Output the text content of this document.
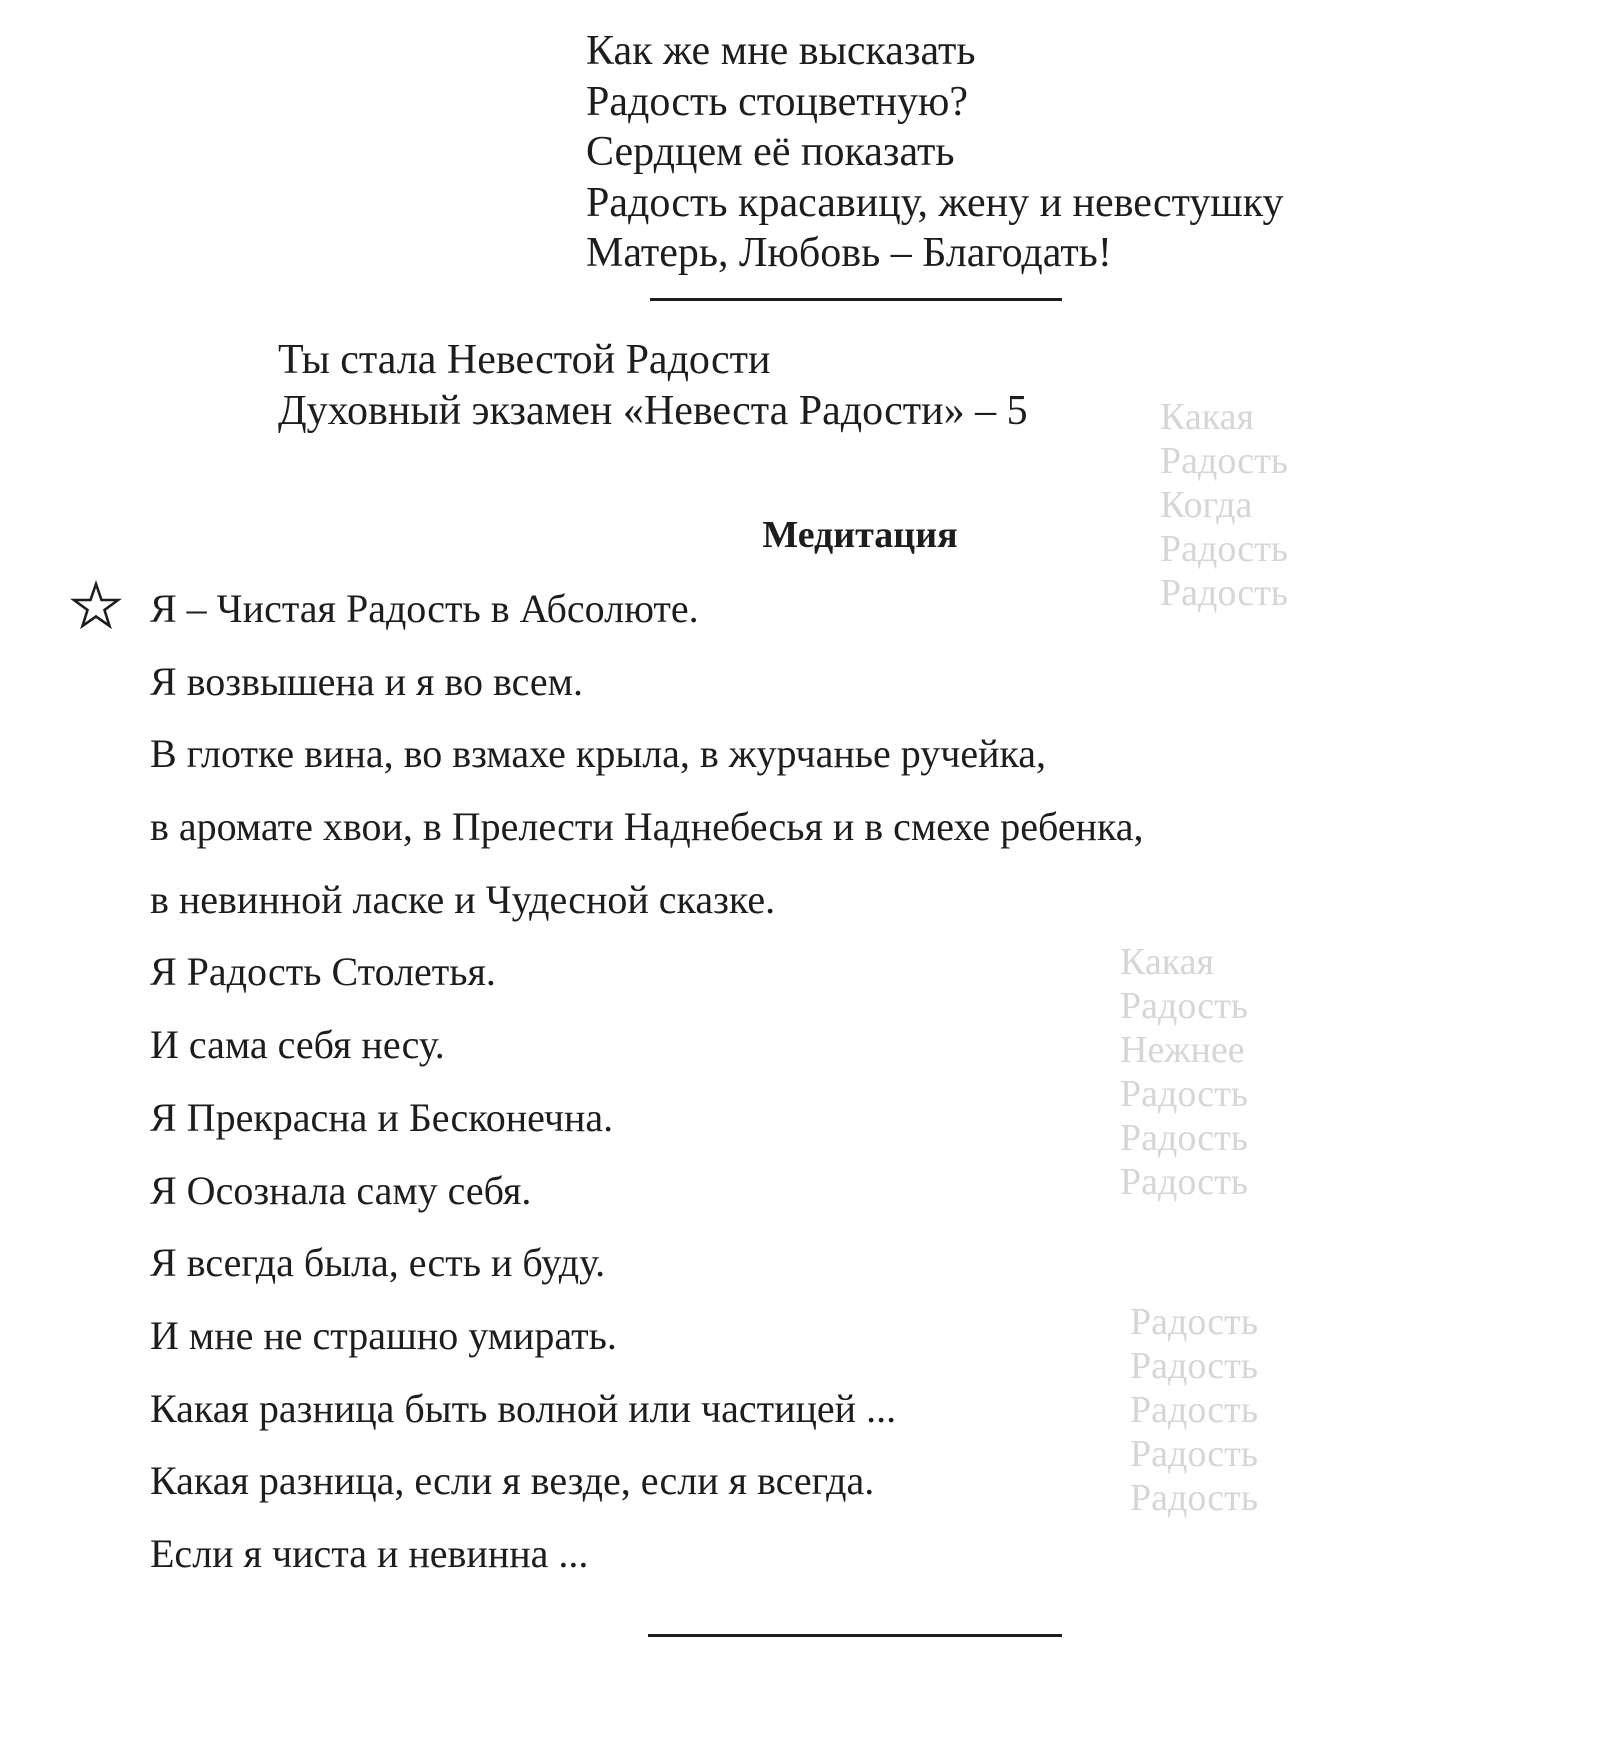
Какая
Радость
Когда
Радость
Радость
Какая
Радость
Нежнее
Радость
Радость
Радость
Радость
Радость
Радость
Радость
Радость
Как же мне высказать
Радость стоцветную?
Сердцем её показать
Радость красавицу, жену и невестушку
Матерь, Любовь – Благодать!
Ты стала Невестой Радости
Духовный экзамен «Невеста Радости» – 5
Медитация
Я – Чистая Радость в Абсолюте.
Я возвышена и я во всем.
В глотке вина, во взмахе крыла, в журчанье ручейка,
в аромате хвои, в Прелести Наднебесья и в смехе ребенка,
в невинной ласке и Чудесной сказке.
Я Радость Столетья.
И сама себя несу.
Я Прекрасна и Бесконечна.
Я Осознала саму себя.
Я всегда была, есть и буду.
И мне не страшно умирать.
Какая разница быть волной или частицей ...
Какая разница, если я везде, если я всегда.
Если я чиста и невинна ...
